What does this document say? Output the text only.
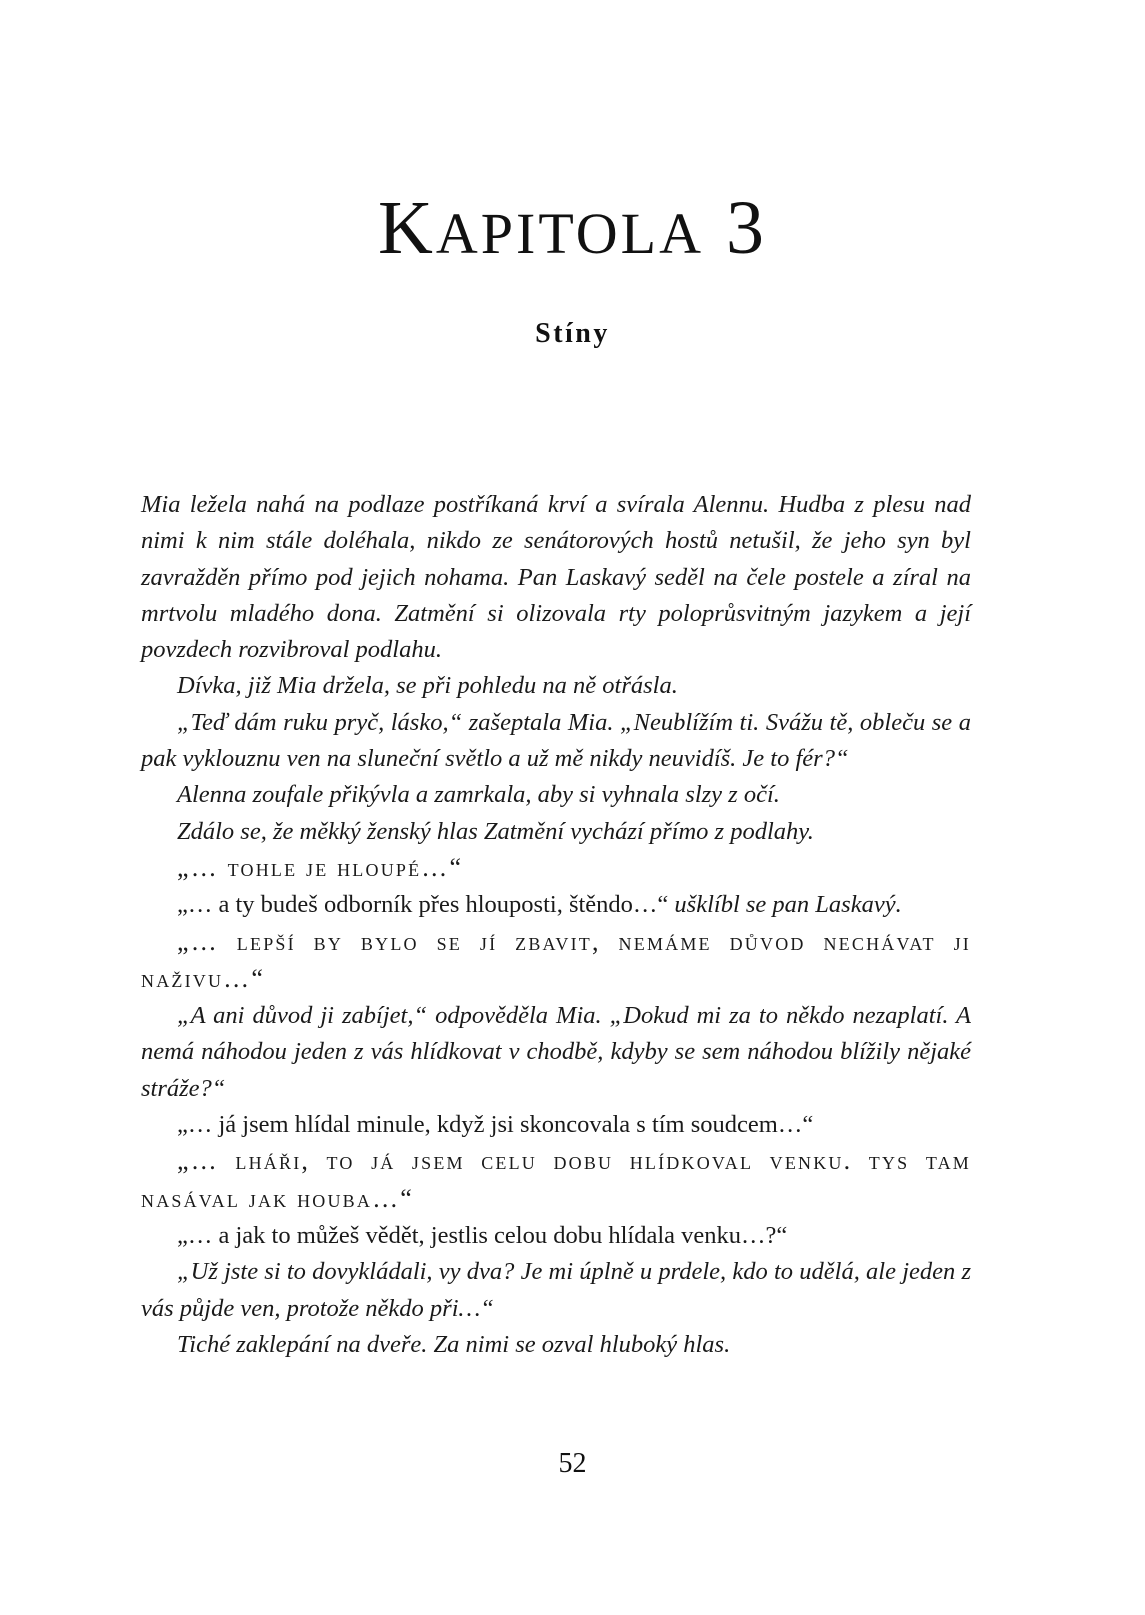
KAPITOLA 3
Stíny

Mia ležela nahá na podlaze postříkaná krví a svírala Alennu. Hudba z plesu nad nimi k nim stále doléhala, nikdo ze senátorových hostů netušil, že jeho syn byl zavražděn přímo pod jejich nohama. Pan Laskavý seděl na čele postele a zíral na mrtvolu mladého dona. Zatmění si olizovala rty poloprůsvitným jazykem a její povzdech rozvibroval podlahu.

Dívka, již Mia držela, se při pohledu na ně otřásla.

„Teď dám ruku pryč, lásko,“ zašeptala Mia. „Neublížím ti. Svážu tě, obleču se a pak vyklouznu ven na sluneční světlo a už mě nikdy neuvidíš. Je to fér?“

Alenna zoufale přikývla a zamrkala, aby si vyhnala slzy z očí.

Zdálo se, že měkký ženský hlas Zatmění vychází přímo z podlahy.

„… tohle je hloupé…“

„… a ty budeš odborník přes hlouposti, štěndo…“ ušklíbl se pan Laskavý.

„… lepší by bylo se jí zbavit, nemáme důvod nechávat ji naživu…“

„A ani důvod ji zabíjet,“ odpověděla Mia. „Dokud mi za to někdo nezaplatí. A nemá náhodou jeden z vás hlídkovat v chodbě, kdyby se sem náhodou blížily nějaké stráže?“

„… já jsem hlídal minule, když jsi skoncovala s tím soudcem…“

„… lháři, to já jsem celu dobu hlídkoval venku. tys tam nasával jak houba…“

„… a jak to můžeš vědět, jestlis celou dobu hlídala venku…?“

„Už jste si to dovykládali, vy dva? Je mi úplně u prdele, kdo to udělá, ale jeden z vás půjde ven, protože někdo při…“

Tiché zaklepání na dveře. Za nimi se ozval hluboký hlas.

52
